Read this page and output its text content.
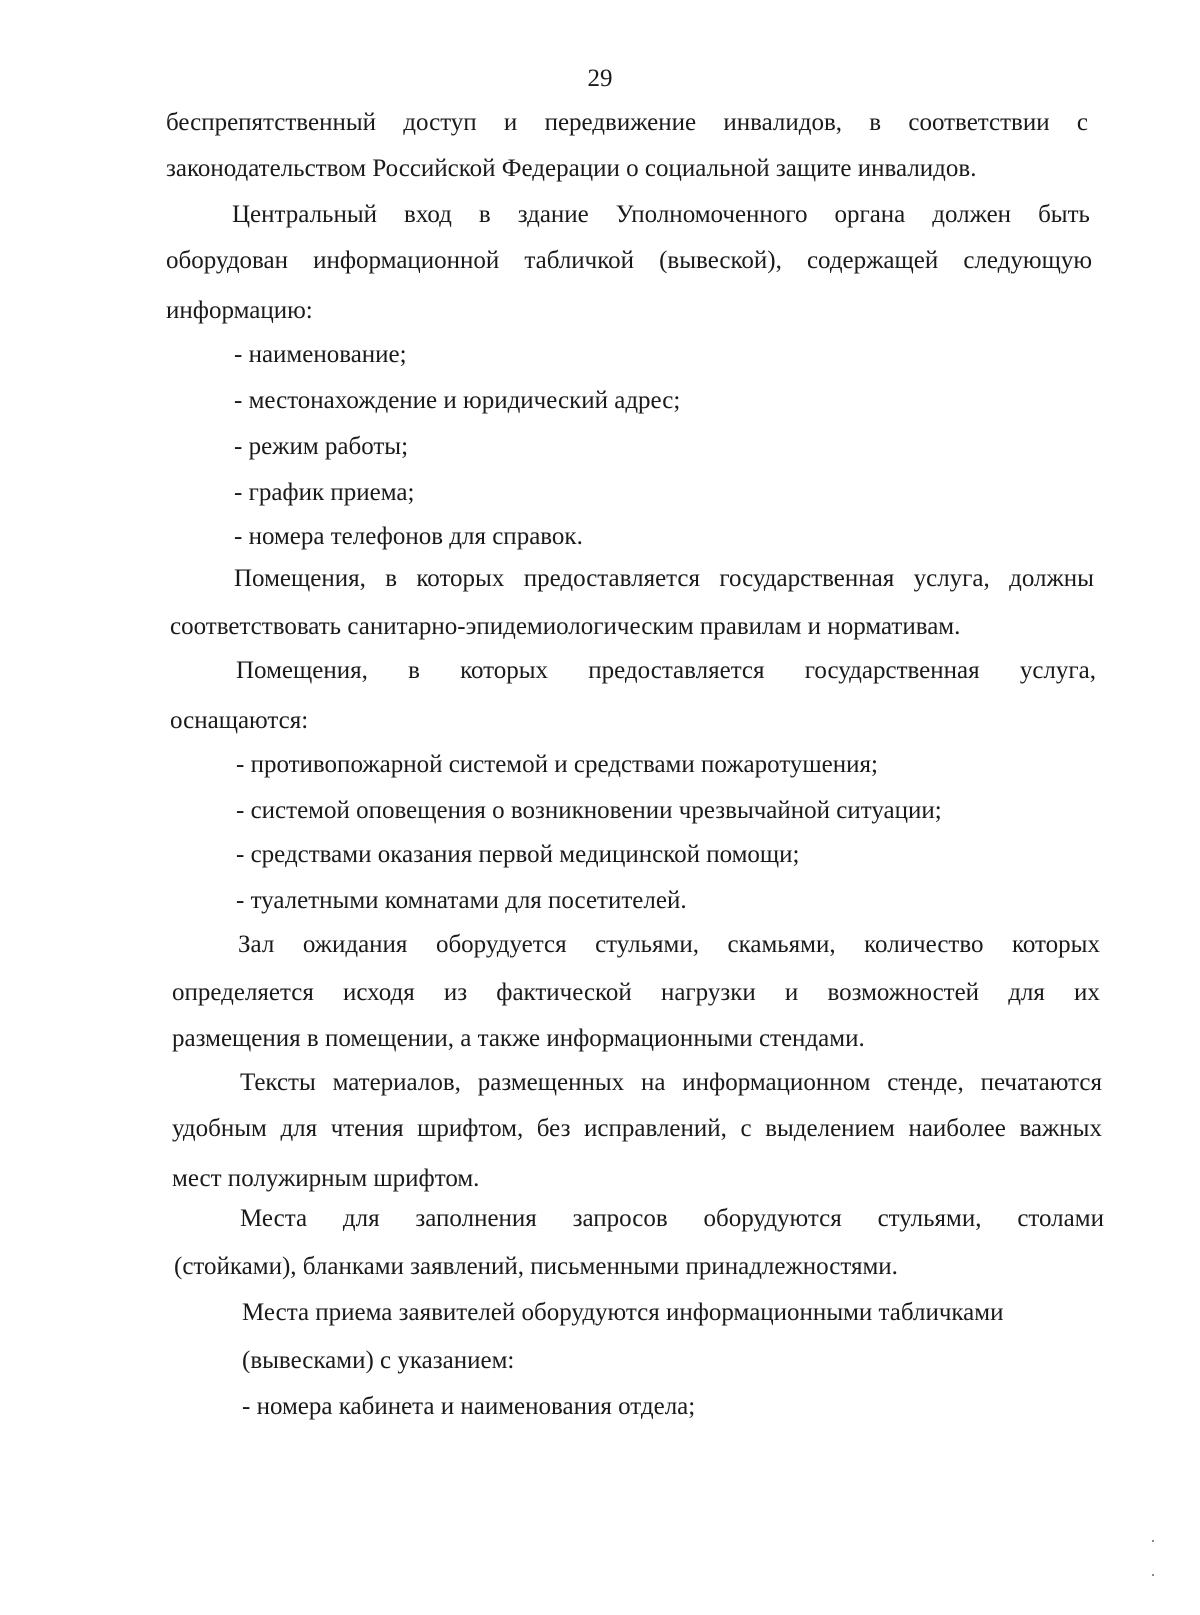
29
беспрепятственный доступ и передвижение инвалидов, в соответствии с
законодательством Российской Федерации о социальной защите инвалидов.
Центральный вход в здание Уполномоченного органа должен быть
оборудован информационной табличкой (вывеской), содержащей следующую
информацию:
- наименование;
- местонахождение и юридический адрес;
- режим работы;
- график приема;
- номера телефонов для справок.
Помещения, в которых предоставляется государственная услуга, должны
соответствовать санитарно-эпидемиологическим правилам и нормативам.
Помещения, в которых предоставляется государственная услуга,
оснащаются:
- противопожарной системой и средствами пожаротушения;
- системой оповещения о возникновении чрезвычайной ситуации;
- средствами оказания первой медицинской помощи;
- туалетными комнатами для посетителей.
Зал ожидания оборудуется стульями, скамьями, количество которых
определяется исходя из фактической нагрузки и возможностей для их
размещения в помещении, а также информационными стендами.
Тексты материалов, размещенных на информационном стенде, печатаются
удобным для чтения шрифтом, без исправлений, с выделением наиболее важных
мест полужирным шрифтом.
Места для заполнения запросов оборудуются стульями, столами
(стойками), бланками заявлений, письменными принадлежностями.
Места приема заявителей оборудуются информационными табличками
(вывесками) с указанием:
- номера кабинета и наименования отдела;
